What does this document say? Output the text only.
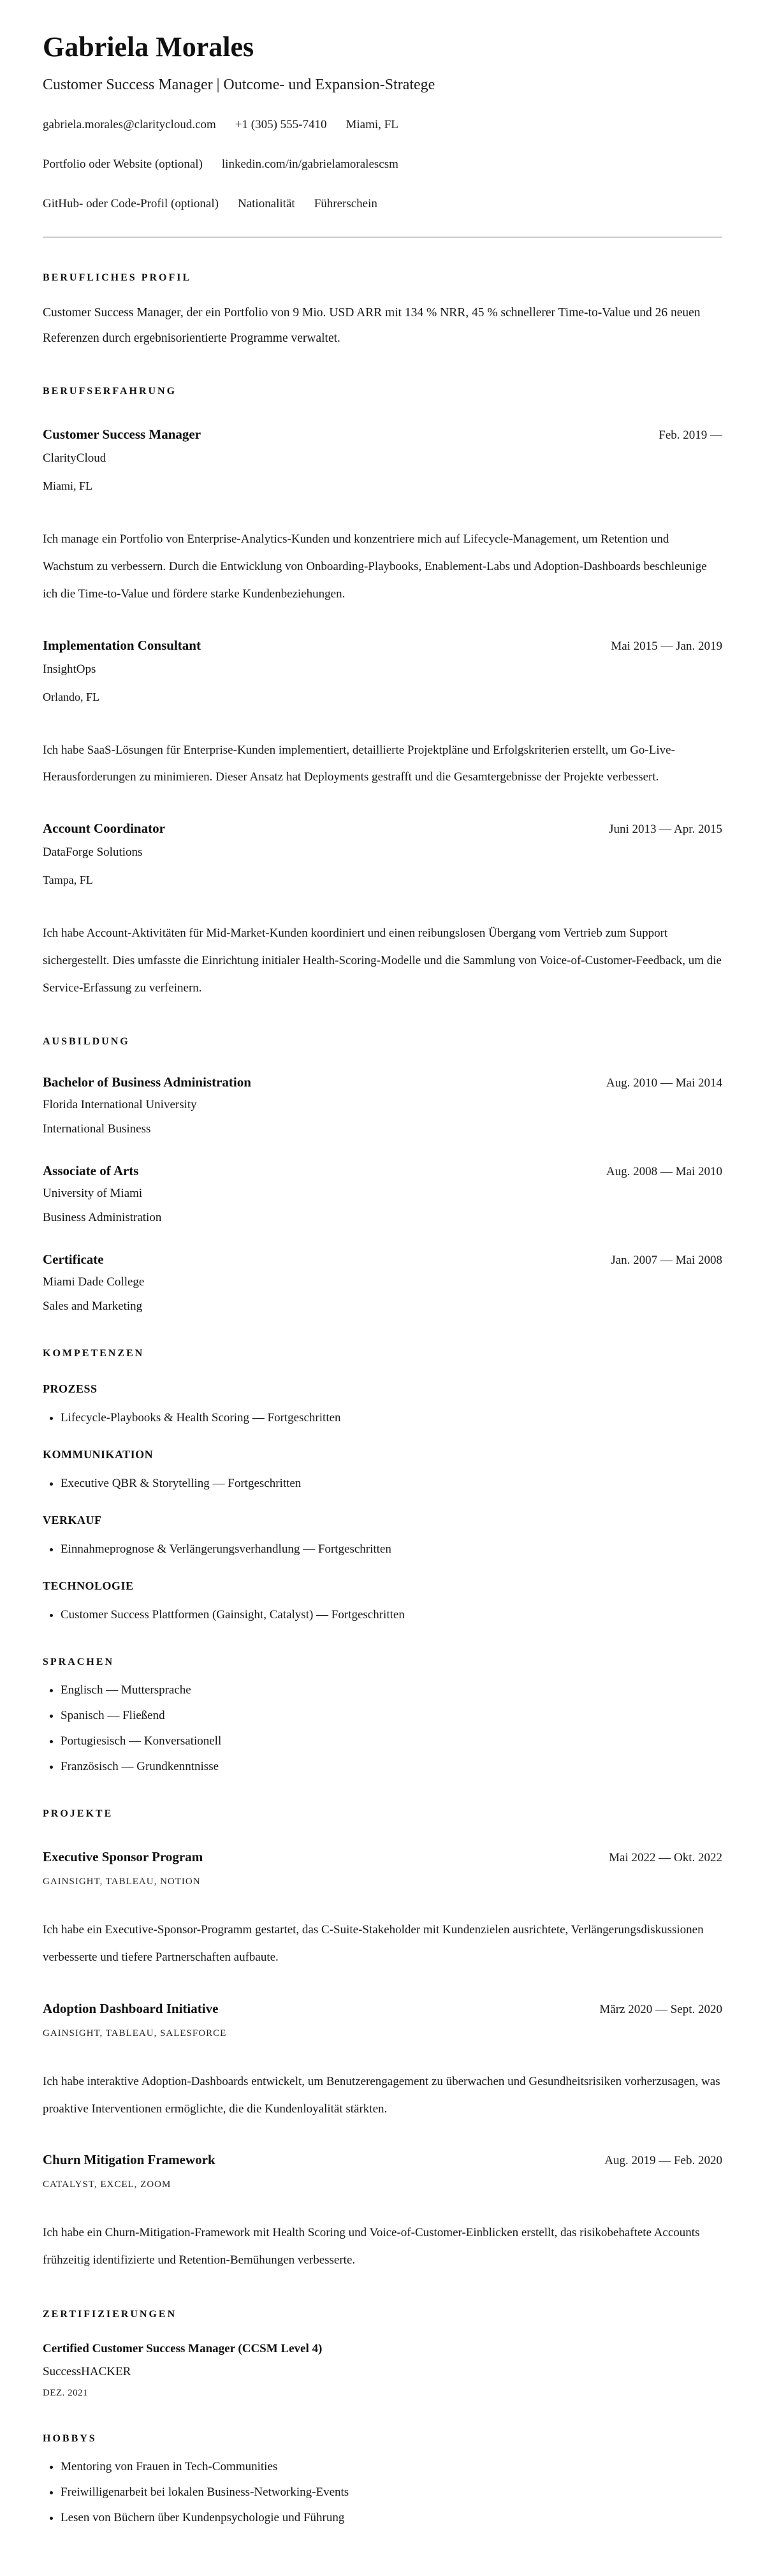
Gabriela Morales
Customer Success Manager | Outcome- und Expansion-Stratege
gabriela.morales@claritycloud.com +1 (305) 555-7410 Miami, FL
Portfolio oder Website (optional) linkedin.com/in/gabrielamoralescsm
GitHub- oder Code-Profil (optional) Nationalität Führerschein
BERUFLICHES PROFIL
Customer Success Manager, der ein Portfolio von 9 Mio. USD ARR mit 134 % NRR, 45 % schnellerer Time-to-Value und 26 neuen Referenzen durch ergebnisorientierte Programme verwaltet.
BERUFSERFAHRUNG
Customer Success Manager	Feb. 2019 —
ClarityCloud
Miami, FL
Ich manage ein Portfolio von Enterprise-Analytics-Kunden und konzentriere mich auf Lifecycle-Management, um Retention und Wachstum zu verbessern. Durch die Entwicklung von Onboarding-Playbooks, Enablement-Labs und Adoption-Dashboards beschleunige ich die Time-to-Value und fördere starke Kundenbeziehungen.
Implementation Consultant	Mai 2015 — Jan. 2019
InsightOps
Orlando, FL
Ich habe SaaS-Lösungen für Enterprise-Kunden implementiert, detaillierte Projektpläne und Erfolgskriterien erstellt, um Go-Live-Herausforderungen zu minimieren. Dieser Ansatz hat Deployments gestrafft und die Gesamtergebnisse der Projekte verbessert.
Account Coordinator	Juni 2013 — Apr. 2015
DataForge Solutions
Tampa, FL
Ich habe Account-Aktivitäten für Mid-Market-Kunden koordiniert und einen reibungslosen Übergang vom Vertrieb zum Support sichergestellt. Dies umfasste die Einrichtung initialer Health-Scoring-Modelle und die Sammlung von Voice-of-Customer-Feedback, um die Service-Erfassung zu verfeinern.
AUSBILDUNG
Bachelor of Business Administration	Aug. 2010 — Mai 2014
Florida International University
International Business
Associate of Arts	Aug. 2008 — Mai 2010
University of Miami
Business Administration
Certificate	Jan. 2007 — Mai 2008
Miami Dade College
Sales and Marketing
KOMPETENZEN
PROZESS
• Lifecycle-Playbooks & Health Scoring — Fortgeschritten
KOMMUNIKATION
• Executive QBR & Storytelling — Fortgeschritten
VERKAUF
• Einnahmeprognose & Verlängerungsverhandlung — Fortgeschritten
TECHNOLOGIE
• Customer Success Plattformen (Gainsight, Catalyst) — Fortgeschritten
SPRACHEN
• Englisch — Muttersprache
• Spanisch — Fließend
• Portugiesisch — Konversationell
• Französisch — Grundkenntnisse
PROJEKTE
Executive Sponsor Program	Mai 2022 — Okt. 2022
GAINSIGHT, TABLEAU, NOTION
Ich habe ein Executive-Sponsor-Programm gestartet, das C-Suite-Stakeholder mit Kundenzielen ausrichtete, Verlängerungsdiskussionen verbesserte und tiefere Partnerschaften aufbaute.
Adoption Dashboard Initiative	März 2020 — Sept. 2020
GAINSIGHT, TABLEAU, SALESFORCE
Ich habe interaktive Adoption-Dashboards entwickelt, um Benutzerengagement zu überwachen und Gesundheitsrisiken vorherzusagen, was proaktive Interventionen ermöglichte, die die Kundenloyalität stärkten.
Churn Mitigation Framework	Aug. 2019 — Feb. 2020
CATALYST, EXCEL, ZOOM
Ich habe ein Churn-Mitigation-Framework mit Health Scoring und Voice-of-Customer-Einblicken erstellt, das risikobehaftete Accounts frühzeitig identifizierte und Retention-Bemühungen verbesserte.
ZERTIFIZIERUNGEN
Certified Customer Success Manager (CCSM Level 4)
SuccessHACKER
DEZ. 2021
HOBBYS
• Mentoring von Frauen in Tech-Communities
• Freiwilligenarbeit bei lokalen Business-Networking-Events
• Lesen von Büchern über Kundenpsychologie und Führung
